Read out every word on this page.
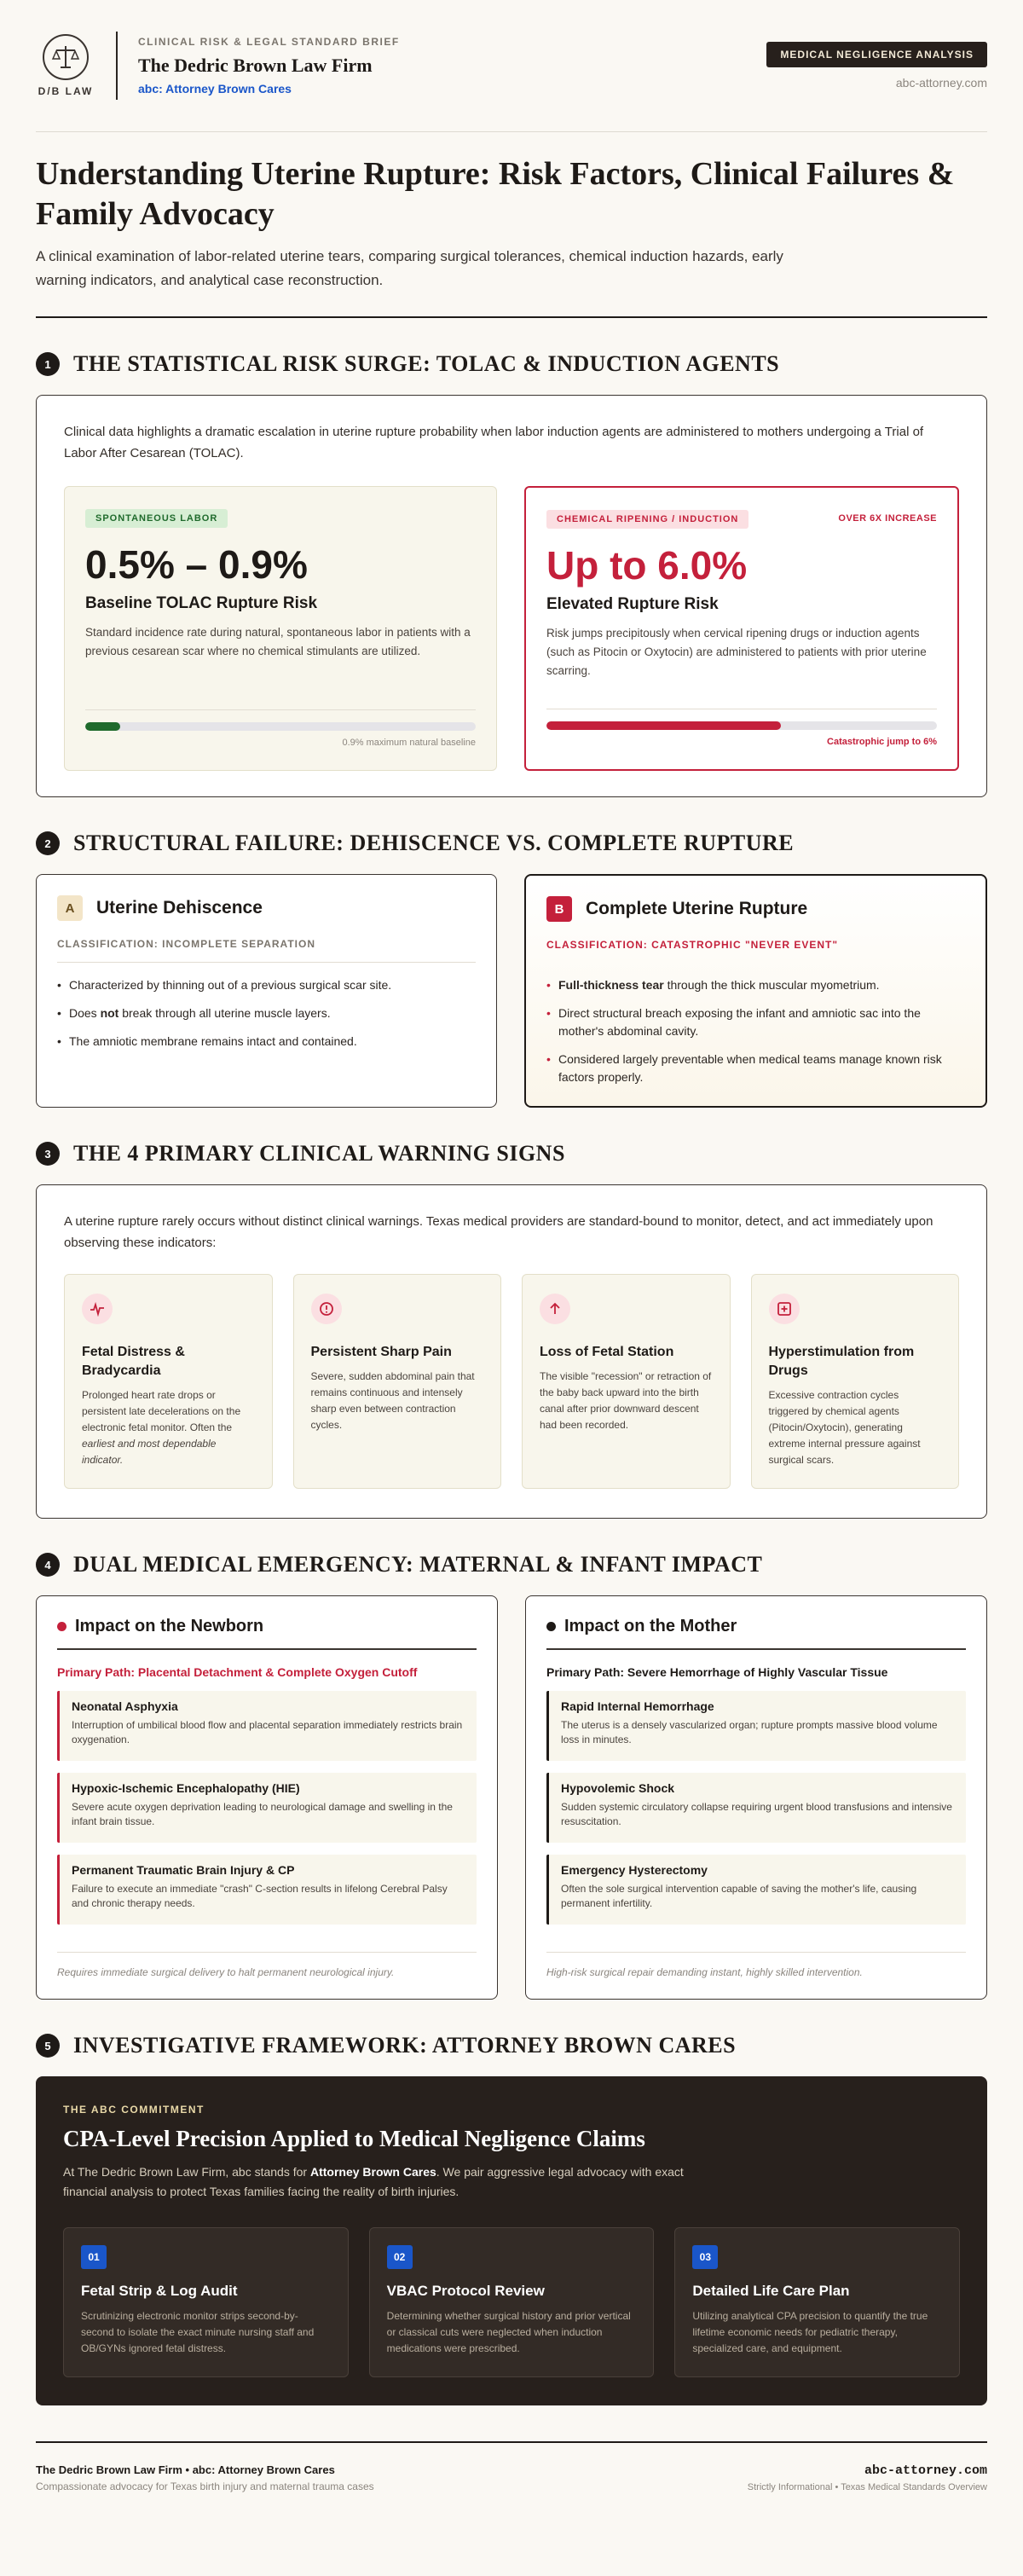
D/B LAW
CLINICAL RISK & LEGAL STANDARD BRIEF
The Dedric Brown Law Firm
abc: Attorney Brown Cares
MEDICAL NEGLIGENCE ANALYSIS
abc-attorney.com
Understanding Uterine Rupture: Risk Factors, Clinical Failures & Family Advocacy

A clinical examination of labor-related uterine tears, comparing surgical tolerances, chemical induction hazards, early warning indicators, and analytical case reconstruction.

1	THE STATISTICAL RISK SURGE: TOLAC & INDUCTION AGENTS

Clinical data highlights a dramatic escalation in uterine rupture probability when labor induction agents are administered to mothers undergoing a Trial of Labor After Cesarean (TOLAC).

SPONTANEOUS LABOR
0.5% – 0.9%
Baseline TOLAC Rupture Risk

Standard incidence rate during natural, spontaneous labor in patients with a previous cesarean scar where no chemical stimulants are utilized.

0.9% maximum natural baseline
CHEMICAL RIPENING / INDUCTION	OVER 6X INCREASE
Up to 6.0%
Elevated Rupture Risk

Risk jumps precipitously when cervical ripening drugs or induction agents (such as Pitocin or Oxytocin) are administered to patients with prior uterine scarring.

Catastrophic jump to 6%
2	STRUCTURAL FAILURE: DEHISCENCE VS. COMPLETE RUPTURE
A	Uterine Dehiscence
CLASSIFICATION: INCOMPLETE SEPARATION
• Characterized by thinning out of a previous surgical scar site.
• Does not break through all uterine muscle layers.
• The amniotic membrane remains intact and contained.
B	Complete Uterine Rupture
CLASSIFICATION: CATASTROPHIC "NEVER EVENT"
• Full-thickness tear through the thick muscular myometrium.
• Direct structural breach exposing the infant and amniotic sac into the mother's abdominal cavity.
• Considered largely preventable when medical teams manage known risk factors properly.
3	THE 4 PRIMARY CLINICAL WARNING SIGNS

A uterine rupture rarely occurs without distinct clinical warnings. Texas medical providers are standard-bound to monitor, detect, and act immediately upon observing these indicators:

Fetal Distress & Bradycardia

Prolonged heart rate drops or persistent late decelerations on the electronic fetal monitor. Often the earliest and most dependable indicator.

Persistent Sharp Pain

Severe, sudden abdominal pain that remains continuous and intensely sharp even between contraction cycles.

Loss of Fetal Station

The visible "recession" or retraction of the baby back upward into the birth canal after prior downward descent had been recorded.

Hyperstimulation from Drugs

Excessive contraction cycles triggered by chemical agents (Pitocin/Oxytocin), generating extreme internal pressure against surgical scars.

4	DUAL MEDICAL EMERGENCY: MATERNAL & INFANT IMPACT
Impact on the Newborn
Primary Path: Placental Detachment & Complete Oxygen Cutoff
Neonatal Asphyxia

Interruption of umbilical blood flow and placental separation immediately restricts brain oxygenation.

Hypoxic-Ischemic Encephalopathy (HIE)

Severe acute oxygen deprivation leading to neurological damage and swelling in the infant brain tissue.

Permanent Traumatic Brain Injury & CP

Failure to execute an immediate "crash" C-section results in lifelong Cerebral Palsy and chronic therapy needs.

Requires immediate surgical delivery to halt permanent neurological injury.
Impact on the Mother
Primary Path: Severe Hemorrhage of Highly Vascular Tissue
Rapid Internal Hemorrhage

The uterus is a densely vascularized organ; rupture prompts massive blood volume loss in minutes.

Hypovolemic Shock

Sudden systemic circulatory collapse requiring urgent blood transfusions and intensive resuscitation.

Emergency Hysterectomy

Often the sole surgical intervention capable of saving the mother's life, causing permanent infertility.

High-risk surgical repair demanding instant, highly skilled intervention.
5	INVESTIGATIVE FRAMEWORK: ATTORNEY BROWN CARES
THE ABC COMMITMENT
CPA-Level Precision Applied to Medical Negligence Claims

At The Dedric Brown Law Firm, abc stands for Attorney Brown Cares. We pair aggressive legal advocacy with exact financial analysis to protect Texas families facing the reality of birth injuries.

01
Fetal Strip & Log Audit

Scrutinizing electronic monitor strips second-by-second to isolate the exact minute nursing staff and OB/GYNs ignored fetal distress.

02
VBAC Protocol Review

Determining whether surgical history and prior vertical or classical cuts were neglected when induction medications were prescribed.

03
Detailed Life Care Plan

Utilizing analytical CPA precision to quantify the true lifetime economic needs for pediatric therapy, specialized care, and equipment.

The Dedric Brown Law Firm • abc: Attorney Brown Cares
Compassionate advocacy for Texas birth injury and maternal trauma cases
abc-attorney.com
Strictly Informational • Texas Medical Standards Overview
